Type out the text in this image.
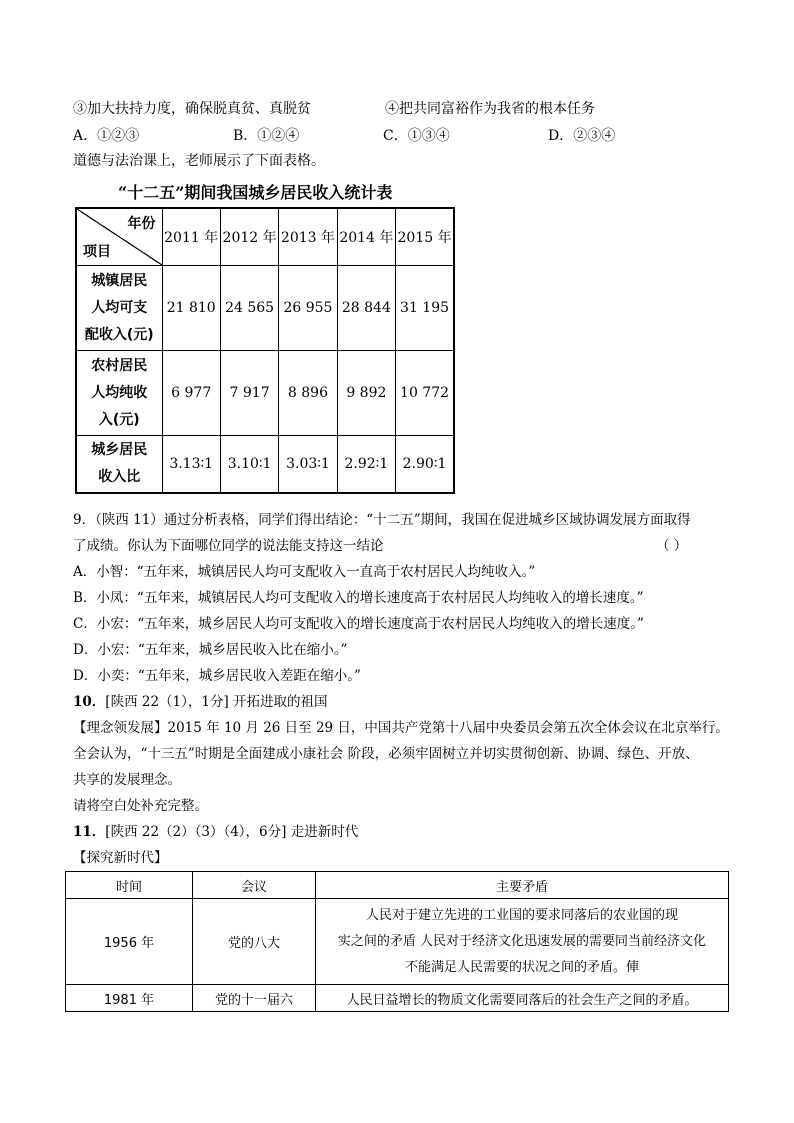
③加大扶持力度，确保脱真贫、真脱贫	④把共同富裕作为我省的根本任务
A．①②③	B．①②④	C．①③④	D．②③④
道德与法治课上，老师展示了下面表格。
“十二五”期间我国城乡居民收入统计表
年份
项目	2011 年	2012 年	2013 年	2014 年	2015 年
城镇居民
人均可支
配收入(元)	21 810	24 565	26 955	28 844	31 195
农村居民
人均纯收
入(元)	6 977	7 917	8 896	9 892	10 772
城乡居民
收入比	3.13∶1	3.10∶1	3.03∶1	2.92∶1	2.90∶1
9．（陕西 11）通过分析表格，同学们得出结论：“十二五”期间，我国在促进城乡区域协调发展方面取得
了成绩。你认为下面哪位同学的说法能支持这一结论	（ ）
A．小智：“五年来，城镇居民人均可支配收入一直高于农村居民人均纯收入。”
B．小凤：“五年来，城镇居民人均可支配收入的增长速度高于农村居民人均纯收入的增长速度。”
C．小宏：“五年来，城乡居民人均可支配收入的增长速度高于农村居民人均纯收入的增长速度。”
D．小宏：“五年来，城乡居民收入比在缩小。”
D．小奕：“五年来，城乡居民收入差距在缩小。”
10．[陕西 22（1），1分] 开拓进取的祖国
【理念领发展】2015 年 10 月 26 日至 29 日，中国共产党第十八届中央委员会第五次全体会议在北京举行。
全会认为，“十三五”时期是全面建成小康社会 阶段，必须牢固树立并切实贯彻创新、协调、绿色、开放、
共享的发展理念。
请将空白处补充完整。
11．[陕西 22（2）（3）（4），6分] 走进新时代
【探究新时代】
时间	会议	主要矛盾
1956 年	党的八大	人民对于建立先进的工业国的要求同落后的农业国的现
实之间的矛盾 人民对于经济文化迅速发展的需要同当前经济文化
不能满足人民需要的状况之间的矛盾。俥
1981 年	党的十一届六	人民日益增长的物质文化需要同落后的社会生产之间的矛盾。
